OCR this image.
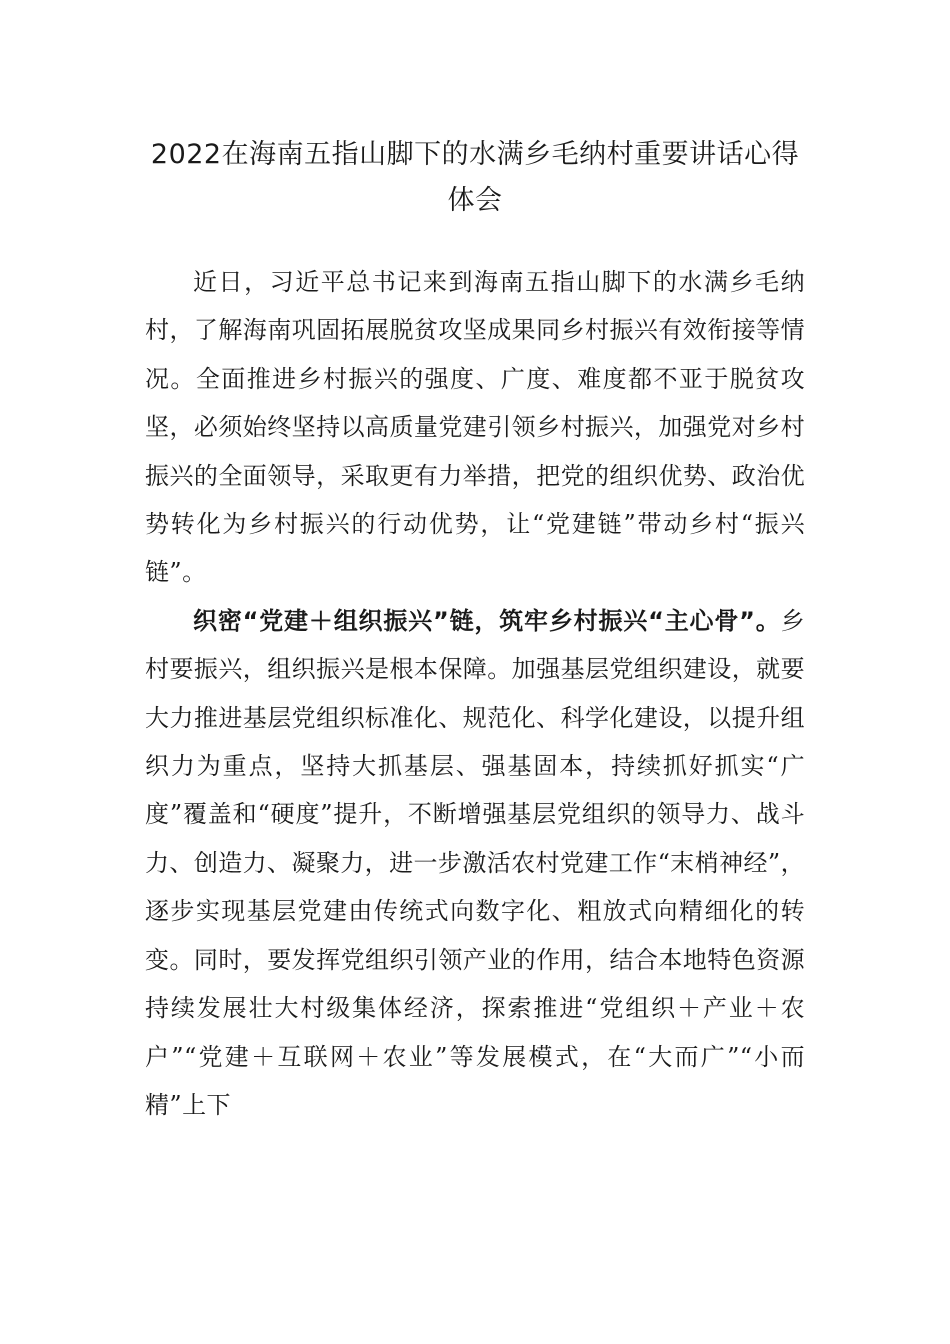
2022在海南五指山脚下的水满乡毛纳村重要讲话心得体会

近日，习近平总书记来到海南五指山脚下的水满乡毛纳村，了解海南巩固拓展脱贫攻坚成果同乡村振兴有效衔接等情况。全面推进乡村振兴的强度、广度、难度都不亚于脱贫攻坚，必须始终坚持以高质量党建引领乡村振兴，加强党对乡村振兴的全面领导，采取更有力举措，把党的组织优势、政治优势转化为乡村振兴的行动优势，让“党建链”带动乡村“振兴链”。

织密“党建＋组织振兴”链，筑牢乡村振兴“主心骨”。乡村要振兴，组织振兴是根本保障。加强基层党组织建设，就要大力推进基层党组织标准化、规范化、科学化建设，以提升组织力为重点，坚持大抓基层、强基固本，持续抓好抓实“广度”覆盖和“硬度”提升，不断增强基层党组织的领导力、战斗力、创造力、凝聚力，进一步激活农村党建工作“末梢神经”，逐步实现基层党建由传统式向数字化、粗放式向精细化的转变。同时，要发挥党组织引领产业的作用，结合本地特色资源持续发展壮大村级集体经济，探索推进“党组织＋产业＋农户”“党建＋互联网＋农业”等发展模式，在“大而广”“小而精”上下
